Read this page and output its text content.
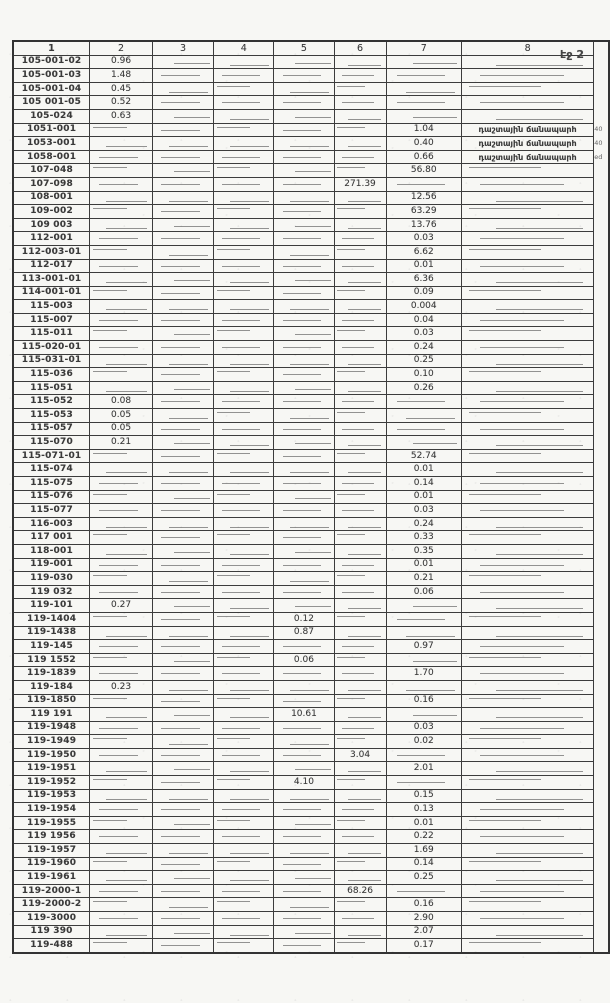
էջ 2
1	2	3	4	5	6	7	8	
105-001-02	0.96							
105-001-03	1.48							
105-001-04	0.45							
105 001-05	0.52							
105-024	0.63							
1051-001						1.04	դաշտային ճանապարհ	40
1053-001						0.40	դաշտային ճանապարհ	40
1058-001						0.66	դաշտային ճանապարհ	ed
107-048						56.80		
107-098					271.39			
108-001						12.56		
109-002						63.29		
109 003						13.76		
112-001						0.03		
112-003-01						6.62		
112-017						0.01		
113-001-01						6.36		
114-001-01						0.09		
115-003						0.004		
115-007						0.04		
115-011						0.03		
115-020-01						0.24		
115-031-01						0.25		
115-036						0.10		
115-051						0.26		
115-052	0.08							
115-053	0.05							
115-057	0.05							
115-070	0.21							
115-071-01						52.74		
115-074						0.01		
115-075						0.14		
115-076						0.01		
115-077						0.03		
116-003						0.24		
117 001						0.33		
118-001						0.35		
119-001						0.01		
119-030						0.21		
119 032						0.06		
119-101	0.27							
119-1404				0.12				
119-1438				0.87				
119-145						0.97		
119 1552				0.06				
119-1839						1.70		
119-184	0.23							
119-1850						0.16		
119 191				10.61				
119-1948						0.03		
119-1949						0.02		
119-1950					3.04			
119-1951						2.01		
119-1952				4.10				
119-1953						0.15		
119-1954						0.13		
119-1955						0.01		
119 1956						0.22		
119-1957						1.69		
119-1960						0.14		
119-1961						0.25		
119-2000-1					68.26			
119-2000-2						0.16		
119-3000						2.90		
119 390						2.07		
119-488						0.17		
